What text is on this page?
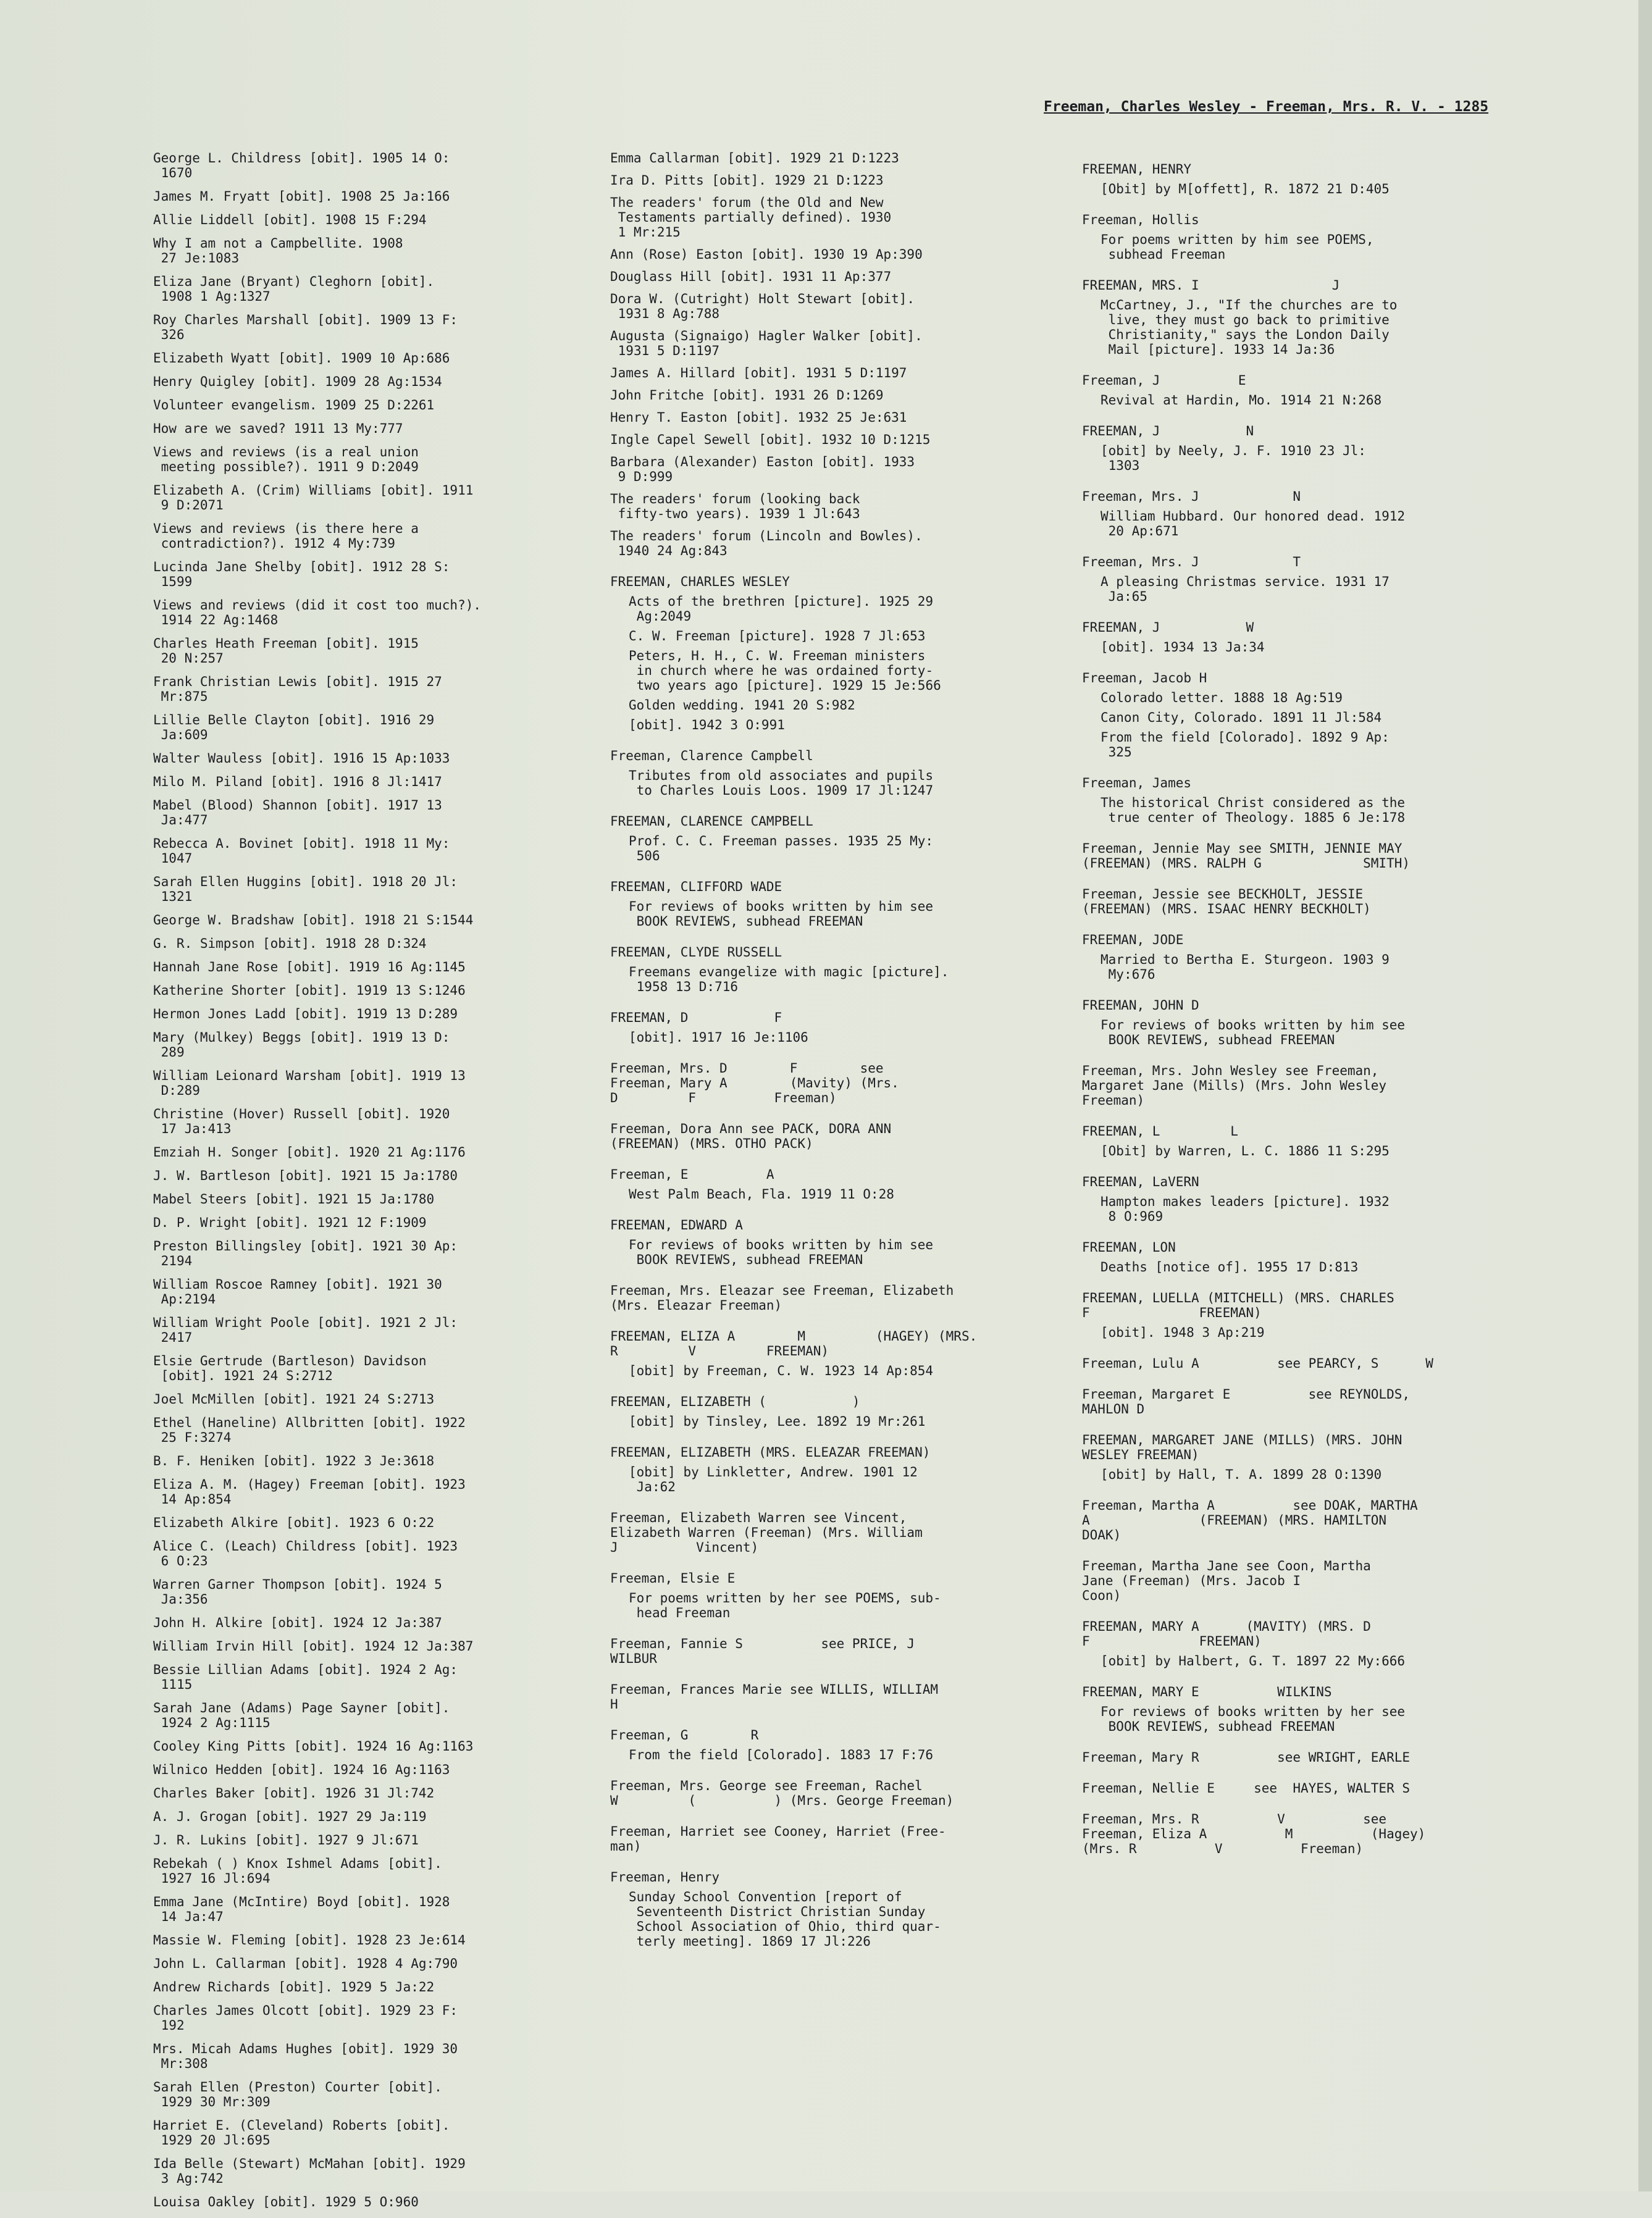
Freeman, Charles Wesley - Freeman, Mrs. R. V. - 1285
George L. Childress [obit]. 1905 14 O:
1670
James M. Fryatt [obit]. 1908 25 Ja:166
Allie Liddell [obit]. 1908 15 F:294
Why I am not a Campbellite. 1908
27 Je:1083
Eliza Jane (Bryant) Cleghorn [obit].
1908 1 Ag:1327
Roy Charles Marshall [obit]. 1909 13 F:
326
Elizabeth Wyatt [obit]. 1909 10 Ap:686
Henry Quigley [obit]. 1909 28 Ag:1534
Volunteer evangelism. 1909 25 D:2261
How are we saved? 1911 13 My:777
Views and reviews (is a real union
meeting possible?). 1911 9 D:2049
Elizabeth A. (Crim) Williams [obit]. 1911
9 D:2071
Views and reviews (is there here a
contradiction?). 1912 4 My:739
Lucinda Jane Shelby [obit]. 1912 28 S:
1599
Views and reviews (did it cost too much?).
1914 22 Ag:1468
Charles Heath Freeman [obit]. 1915
20 N:257
Frank Christian Lewis [obit]. 1915 27
Mr:875
Lillie Belle Clayton [obit]. 1916 29
Ja:609
Walter Wauless [obit]. 1916 15 Ap:1033
Milo M. Piland [obit]. 1916 8 Jl:1417
Mabel (Blood) Shannon [obit]. 1917 13
Ja:477
Rebecca A. Bovinet [obit]. 1918 11 My:
1047
Sarah Ellen Huggins [obit]. 1918 20 Jl:
1321
George W. Bradshaw [obit]. 1918 21 S:1544
G. R. Simpson [obit]. 1918 28 D:324
Hannah Jane Rose [obit]. 1919 16 Ag:1145
Katherine Shorter [obit]. 1919 13 S:1246
Hermon Jones Ladd [obit]. 1919 13 D:289
Mary (Mulkey) Beggs [obit]. 1919 13 D:
289
William Leionard Warsham [obit]. 1919 13
D:289
Christine (Hover) Russell [obit]. 1920
17 Ja:413
Emziah H. Songer [obit]. 1920 21 Ag:1176
J. W. Bartleson [obit]. 1921 15 Ja:1780
Mabel Steers [obit]. 1921 15 Ja:1780
D. P. Wright [obit]. 1921 12 F:1909
Preston Billingsley [obit]. 1921 30 Ap:
2194
William Roscoe Ramney [obit]. 1921 30
Ap:2194
William Wright Poole [obit]. 1921 2 Jl:
2417
Elsie Gertrude (Bartleson) Davidson
[obit]. 1921 24 S:2712
Joel McMillen [obit]. 1921 24 S:2713
Ethel (Haneline) Allbritten [obit]. 1922
25 F:3274
B. F. Heniken [obit]. 1922 3 Je:3618
Eliza A. M. (Hagey) Freeman [obit]. 1923
14 Ap:854
Elizabeth Alkire [obit]. 1923 6 O:22
Alice C. (Leach) Childress [obit]. 1923
6 O:23
Warren Garner Thompson [obit]. 1924 5
Ja:356
John H. Alkire [obit]. 1924 12 Ja:387
William Irvin Hill [obit]. 1924 12 Ja:387
Bessie Lillian Adams [obit]. 1924 2 Ag:
1115
Sarah Jane (Adams) Page Sayner [obit].
1924 2 Ag:1115
Cooley King Pitts [obit]. 1924 16 Ag:1163
Wilnico Hedden [obit]. 1924 16 Ag:1163
Charles Baker [obit]. 1926 31 Jl:742
A. J. Grogan [obit]. 1927 29 Ja:119
J. R. Lukins [obit]. 1927 9 Jl:671
Rebekah ( ) Knox Ishmel Adams [obit].
1927 16 Jl:694
Emma Jane (McIntire) Boyd [obit]. 1928
14 Ja:47
Massie W. Fleming [obit]. 1928 23 Je:614
John L. Callarman [obit]. 1928 4 Ag:790
Andrew Richards [obit]. 1929 5 Ja:22
Charles James Olcott [obit]. 1929 23 F:
192
Mrs. Micah Adams Hughes [obit]. 1929 30
Mr:308
Sarah Ellen (Preston) Courter [obit].
1929 30 Mr:309
Harriet E. (Cleveland) Roberts [obit].
1929 20 Jl:695
Ida Belle (Stewart) McMahan [obit]. 1929
3 Ag:742
Louisa Oakley [obit]. 1929 5 O:960
Emma Callarman [obit]. 1929 21 D:1223
Ira D. Pitts [obit]. 1929 21 D:1223
The readers' forum (the Old and New
Testaments partially defined). 1930
1 Mr:215
Ann (Rose) Easton [obit]. 1930 19 Ap:390
Douglass Hill [obit]. 1931 11 Ap:377
Dora W. (Cutright) Holt Stewart [obit].
1931 8 Ag:788
Augusta (Signaigo) Hagler Walker [obit].
1931 5 D:1197
James A. Hillard [obit]. 1931 5 D:1197
John Fritche [obit]. 1931 26 D:1269
Henry T. Easton [obit]. 1932 25 Je:631
Ingle Capel Sewell [obit]. 1932 10 D:1215
Barbara (Alexander) Easton [obit]. 1933
9 D:999
The readers' forum (looking back
fifty-two years). 1939 1 Jl:643
The readers' forum (Lincoln and Bowles).
1940 24 Ag:843
FREEMAN, CHARLES WESLEY
Acts of the brethren [picture]. 1925 29
Ag:2049
C. W. Freeman [picture]. 1928 7 Jl:653
Peters, H. H., C. W. Freeman ministers
in church where he was ordained forty-
two years ago [picture]. 1929 15 Je:566
Golden wedding. 1941 20 S:982
[obit]. 1942 3 O:991
Freeman, Clarence Campbell
Tributes from old associates and pupils
to Charles Louis Loos. 1909 17 Jl:1247
FREEMAN, CLARENCE CAMPBELL
Prof. C. C. Freeman passes. 1935 25 My:
506
FREEMAN, CLIFFORD WADE
For reviews of books written by him see
BOOK REVIEWS, subhead FREEMAN
FREEMAN, CLYDE RUSSELL
Freemans evangelize with magic [picture].
1958 13 D:716
FREEMAN, D           F
[obit]. 1917 16 Je:1106
Freeman, Mrs. D        F        see
Freeman, Mary A        (Mavity) (Mrs.
D         F          Freeman)
Freeman, Dora Ann see PACK, DORA ANN
(FREEMAN) (MRS. OTHO PACK)
Freeman, E          A
West Palm Beach, Fla. 1919 11 O:28
FREEMAN, EDWARD A
For reviews of books written by him see
BOOK REVIEWS, subhead FREEMAN
Freeman, Mrs. Eleazar see Freeman, Elizabeth
(Mrs. Eleazar Freeman)
FREEMAN, ELIZA A        M         (HAGEY) (MRS.
R         V         FREEMAN)
[obit] by Freeman, C. W. 1923 14 Ap:854
FREEMAN, ELIZABETH (           )
[obit] by Tinsley, Lee. 1892 19 Mr:261
FREEMAN, ELIZABETH (MRS. ELEAZAR FREEMAN)
[obit] by Linkletter, Andrew. 1901 12
Ja:62
Freeman, Elizabeth Warren see Vincent,
Elizabeth Warren (Freeman) (Mrs. William
J          Vincent)
Freeman, Elsie E
For poems written by her see POEMS, sub-
head Freeman
Freeman, Fannie S          see PRICE, J
WILBUR
Freeman, Frances Marie see WILLIS, WILLIAM
H
Freeman, G        R
From the field [Colorado]. 1883 17 F:76
Freeman, Mrs. George see Freeman, Rachel
W         (          ) (Mrs. George Freeman)
Freeman, Harriet see Cooney, Harriet (Free-
man)
Freeman, Henry
Sunday School Convention [report of
Seventeenth District Christian Sunday
School Association of Ohio, third quar-
terly meeting]. 1869 17 Jl:226
FREEMAN, HENRY
[Obit] by M[offett], R. 1872 21 D:405
Freeman, Hollis
For poems written by him see POEMS,
subhead Freeman
FREEMAN, MRS. I                 J
McCartney, J., "If the churches are to
live, they must go back to primitive
Christianity," says the London Daily
Mail [picture]. 1933 14 Ja:36
Freeman, J          E
Revival at Hardin, Mo. 1914 21 N:268
FREEMAN, J           N
[obit] by Neely, J. F. 1910 23 Jl:
1303
Freeman, Mrs. J            N
William Hubbard. Our honored dead. 1912
20 Ap:671
Freeman, Mrs. J            T
A pleasing Christmas service. 1931 17
Ja:65
FREEMAN, J           W
[obit]. 1934 13 Ja:34
Freeman, Jacob H
Colorado letter. 1888 18 Ag:519
Canon City, Colorado. 1891 11 Jl:584
From the field [Colorado]. 1892 9 Ap:
325
Freeman, James
The historical Christ considered as the
true center of Theology. 1885 6 Je:178
Freeman, Jennie May see SMITH, JENNIE MAY
(FREEMAN) (MRS. RALPH G             SMITH)
Freeman, Jessie see BECKHOLT, JESSIE
(FREEMAN) (MRS. ISAAC HENRY BECKHOLT)
FREEMAN, JODE
Married to Bertha E. Sturgeon. 1903 9
My:676
FREEMAN, JOHN D
For reviews of books written by him see
BOOK REVIEWS, subhead FREEMAN
Freeman, Mrs. John Wesley see Freeman,
Margaret Jane (Mills) (Mrs. John Wesley
Freeman)
FREEMAN, L         L
[Obit] by Warren, L. C. 1886 11 S:295
FREEMAN, LaVERN
Hampton makes leaders [picture]. 1932
8 O:969
FREEMAN, LON
Deaths [notice of]. 1955 17 D:813
FREEMAN, LUELLA (MITCHELL) (MRS. CHARLES
F              FREEMAN)
[obit]. 1948 3 Ap:219
Freeman, Lulu A          see PEARCY, S      W
Freeman, Margaret E          see REYNOLDS,
MAHLON D
FREEMAN, MARGARET JANE (MILLS) (MRS. JOHN
WESLEY FREEMAN)
[obit] by Hall, T. A. 1899 28 O:1390
Freeman, Martha A          see DOAK, MARTHA
A              (FREEMAN) (MRS. HAMILTON
DOAK)
Freeman, Martha Jane see Coon, Martha
Jane (Freeman) (Mrs. Jacob I
Coon)
FREEMAN, MARY A      (MAVITY) (MRS. D
F              FREEMAN)
[obit] by Halbert, G. T. 1897 22 My:666
FREEMAN, MARY E          WILKINS
For reviews of books written by her see
BOOK REVIEWS, subhead FREEMAN
Freeman, Mary R          see WRIGHT, EARLE
Freeman, Nellie E     see  HAYES, WALTER S
Freeman, Mrs. R          V          see
Freeman, Eliza A          M          (Hagey)
(Mrs. R          V          Freeman)
